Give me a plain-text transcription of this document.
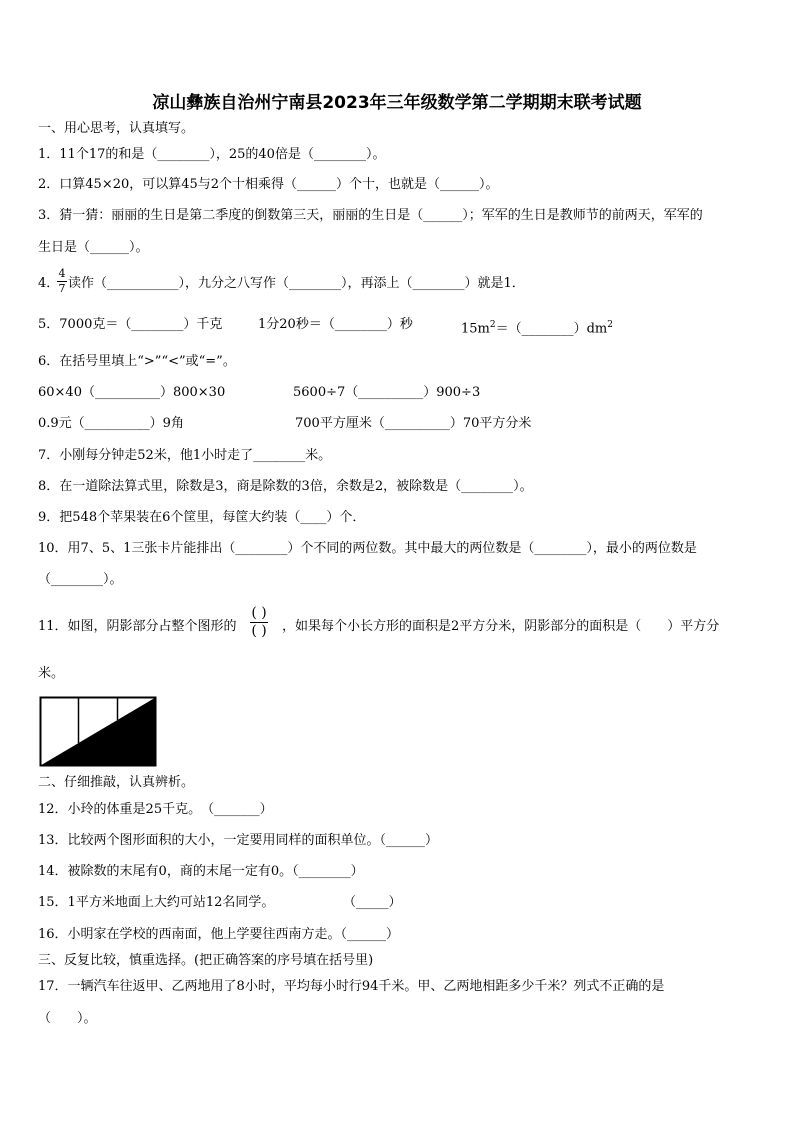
凉山彝族自治州宁南县2023年三年级数学第二学期期末联考试题
一、用心思考，认真填写。
1．11个17的和是（________），25的40倍是（________）。
2．口算45×20，可以算45与2个十相乘得（______）个十，也就是（______）。
3．猜一猜：丽丽的生日是第二季度的倒数第三天，丽丽的生日是（______）；军军的生日是教师节的前两天，军军的
生日是（______）。
4．
4
7 读作（___________），九分之八写作（________），再添上（________）就是1．
5．7000克＝（________）千克	1分20秒＝（________）秒	$15m^2=(\_\_\_\_\_\_\_\_)dm^2$
6．在括号里填上“>”“<”或“=”。
60×40（__________）800×30	5600÷7（__________）900÷3
0.9元（__________）9角	700平方厘米（__________）70平方分米
7．小刚每分钟走52米，他1小时走了________米。
8．在一道除法算式里，除数是3，商是除数的3倍，余数是2，被除数是（________）。
9．把548个苹果装在6个筐里，每筐大约装（____）个．
10．用7、5、1三张卡片能排出（________）个不同的两位数。其中最大的两位数是（________），最小的两位数是
（________）。
11．如图，阴影部分占整个图形的
( )
( ) ，如果每个小长方形的面积是2平方分米，阴影部分的面积是（　　）平方分
米。
二、仔细推敲，认真辨析。
12．小玲的体重是25千克。　（_______）
13．比较两个图形面积的大小，一定要用同样的面积单位。（______）
14．被除数的末尾有0，商的末尾一定有0。（________）
15．1平方米地面上大约可站12名同学。	（_____）
16．小明家在学校的西南面，他上学要往西南方走。（______）
三、反复比较，慎重选择。(把正确答案的序号填在括号里)
17．一辆汽车往返甲、乙两地用了8小时，平均每小时行94千米。甲、乙两地相距多少千米？列式不正确的是
（　　）。
